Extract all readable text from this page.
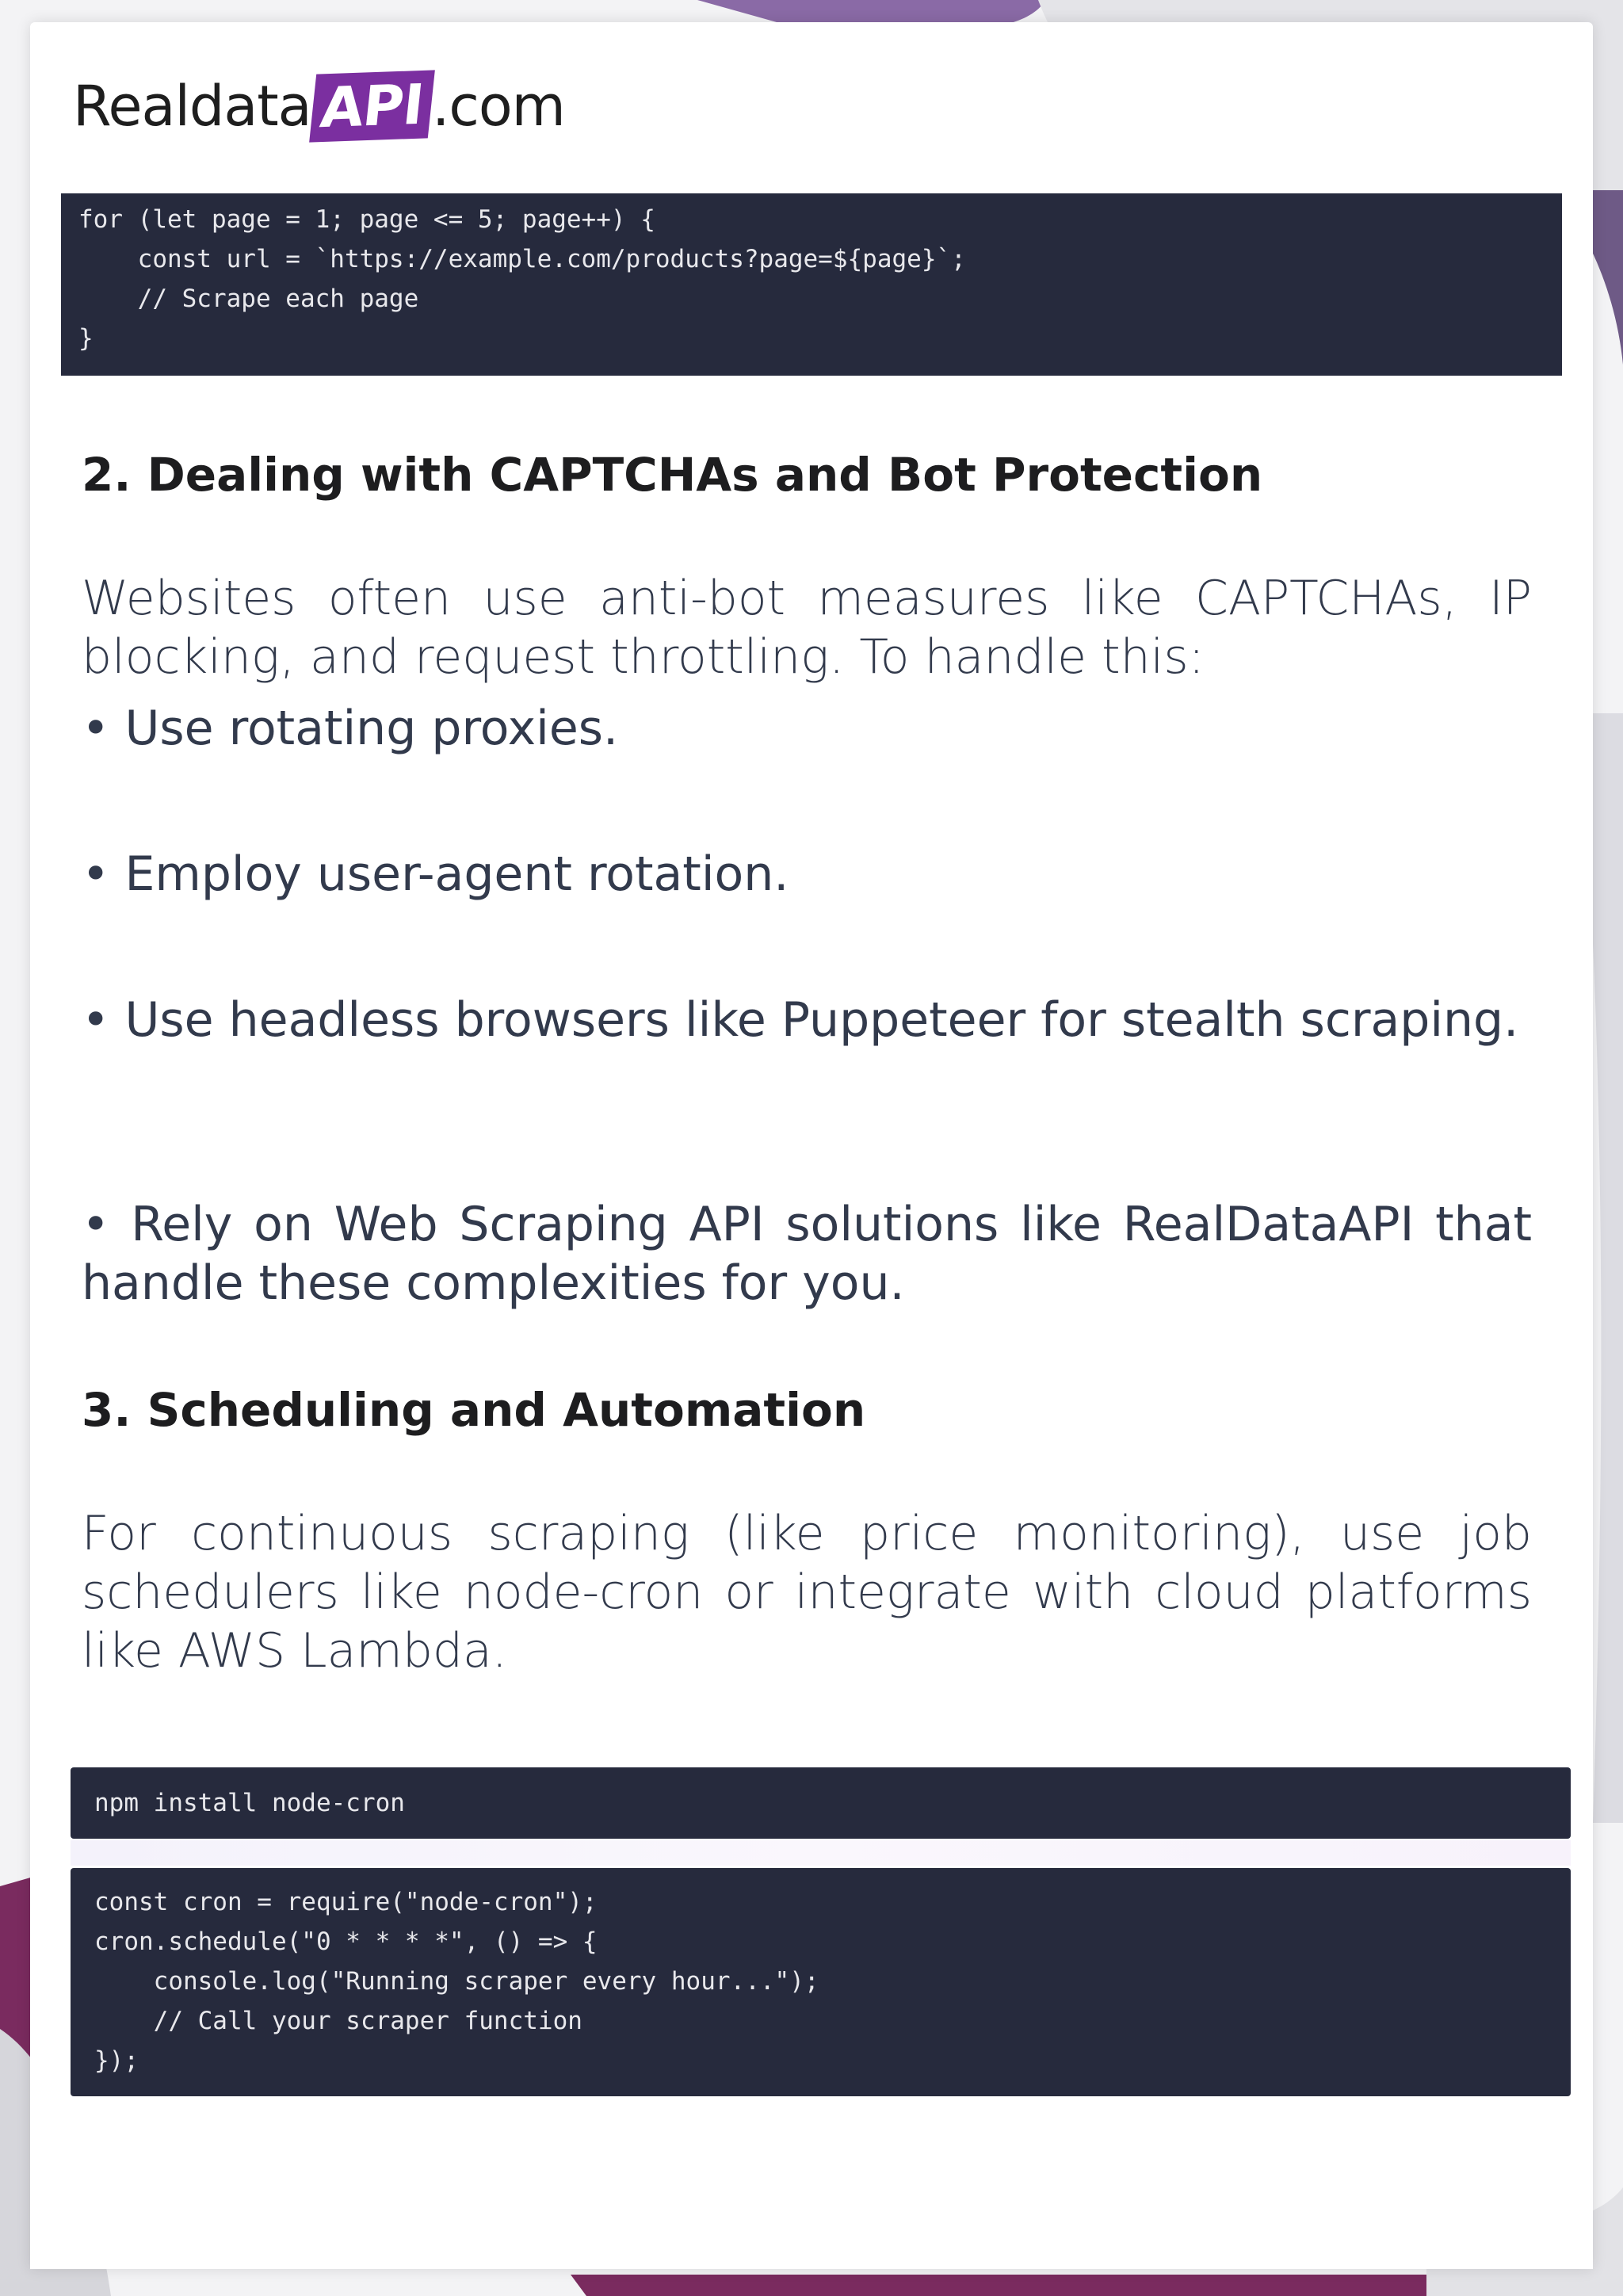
Realdata API .com
for (let page = 1; page <= 5; page++) {
const url = `https://example.com/products?page=${page}`;
// Scrape each page
}
2. Dealing with CAPTCHAs and Bot Protection
Websites often use anti-bot measures like CAPTCHAs, IP blocking, and request throttling. To handle this:
• Use rotating proxies.
• Employ user-agent rotation.
• Use headless browsers like Puppeteer for stealth scraping.
• Rely on Web Scraping API solutions like RealDataAPI that handle these complexities for you.
3. Scheduling and Automation
For continuous scraping (like price monitoring), use job schedulers like node-cron or integrate with cloud platforms like AWS Lambda.
npm install node-cron
const cron = require("node-cron");
cron.schedule("0 * * * *", () => {
console.log("Running scraper every hour...");
// Call your scraper function
});
